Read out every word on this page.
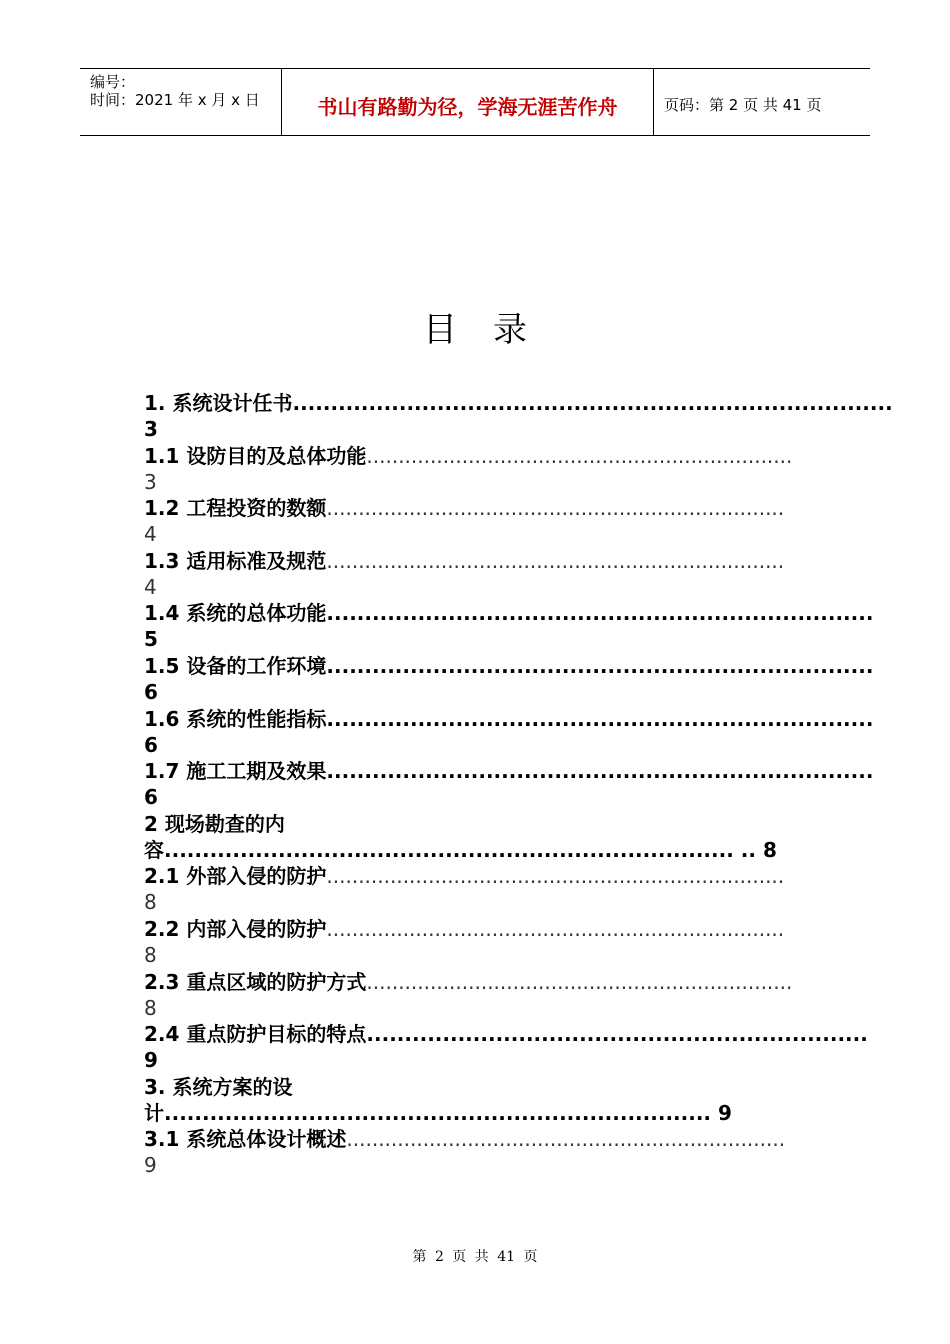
编号：
时间：2021 年 x 月 x 日	书山有路勤为径，学海无涯苦作舟	页码：第 2 页 共 41 页
目录
1. 系统设计任书...............................................................................
3
1.1 设防目的及总体功能...................................................................
3
1.2 工程投资的数额........................................................................
4
1.3 适用标准及规范........................................................................
4
1.4 系统的总体功能........................................................................
5
1.5 设备的工作环境........................................................................
6
1.6 系统的性能指标........................................................................
6
1.7 施工工期及效果........................................................................
6
2 现场勘查的内
容........................................................................... .. 8
2.1 外部入侵的防护........................................................................
8
2.2 内部入侵的防护........................................................................
8
2.3 重点区域的防护方式...................................................................
8
2.4 重点防护目标的特点..................................................................
9
3. 系统方案的设
计........................................................................ 9
3.1 系统总体设计概述.....................................................................
9
第 2 页 共 41 页
